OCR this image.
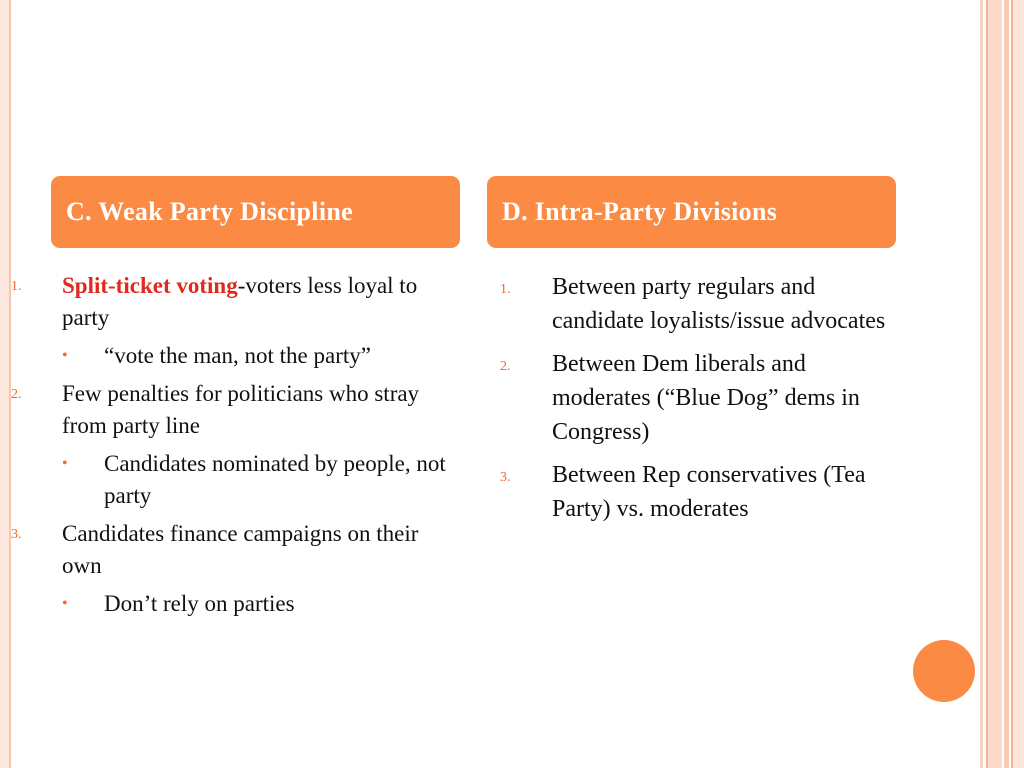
C. Weak Party Discipline	D. Intra-Party Divisions
1. Split-ticket voting-voters less loyal to party
• “vote the man, not the party”
2. Few penalties for politicians who stray from party line
• Candidates nominated by people, not party
3. Candidates finance campaigns on their own
• Don’t rely on parties
1. Between party regulars and candidate loyalists/issue advocates
2. Between Dem liberals and moderates (“Blue Dog” dems in Congress)
3. Between Rep conservatives (Tea Party) vs. moderates
